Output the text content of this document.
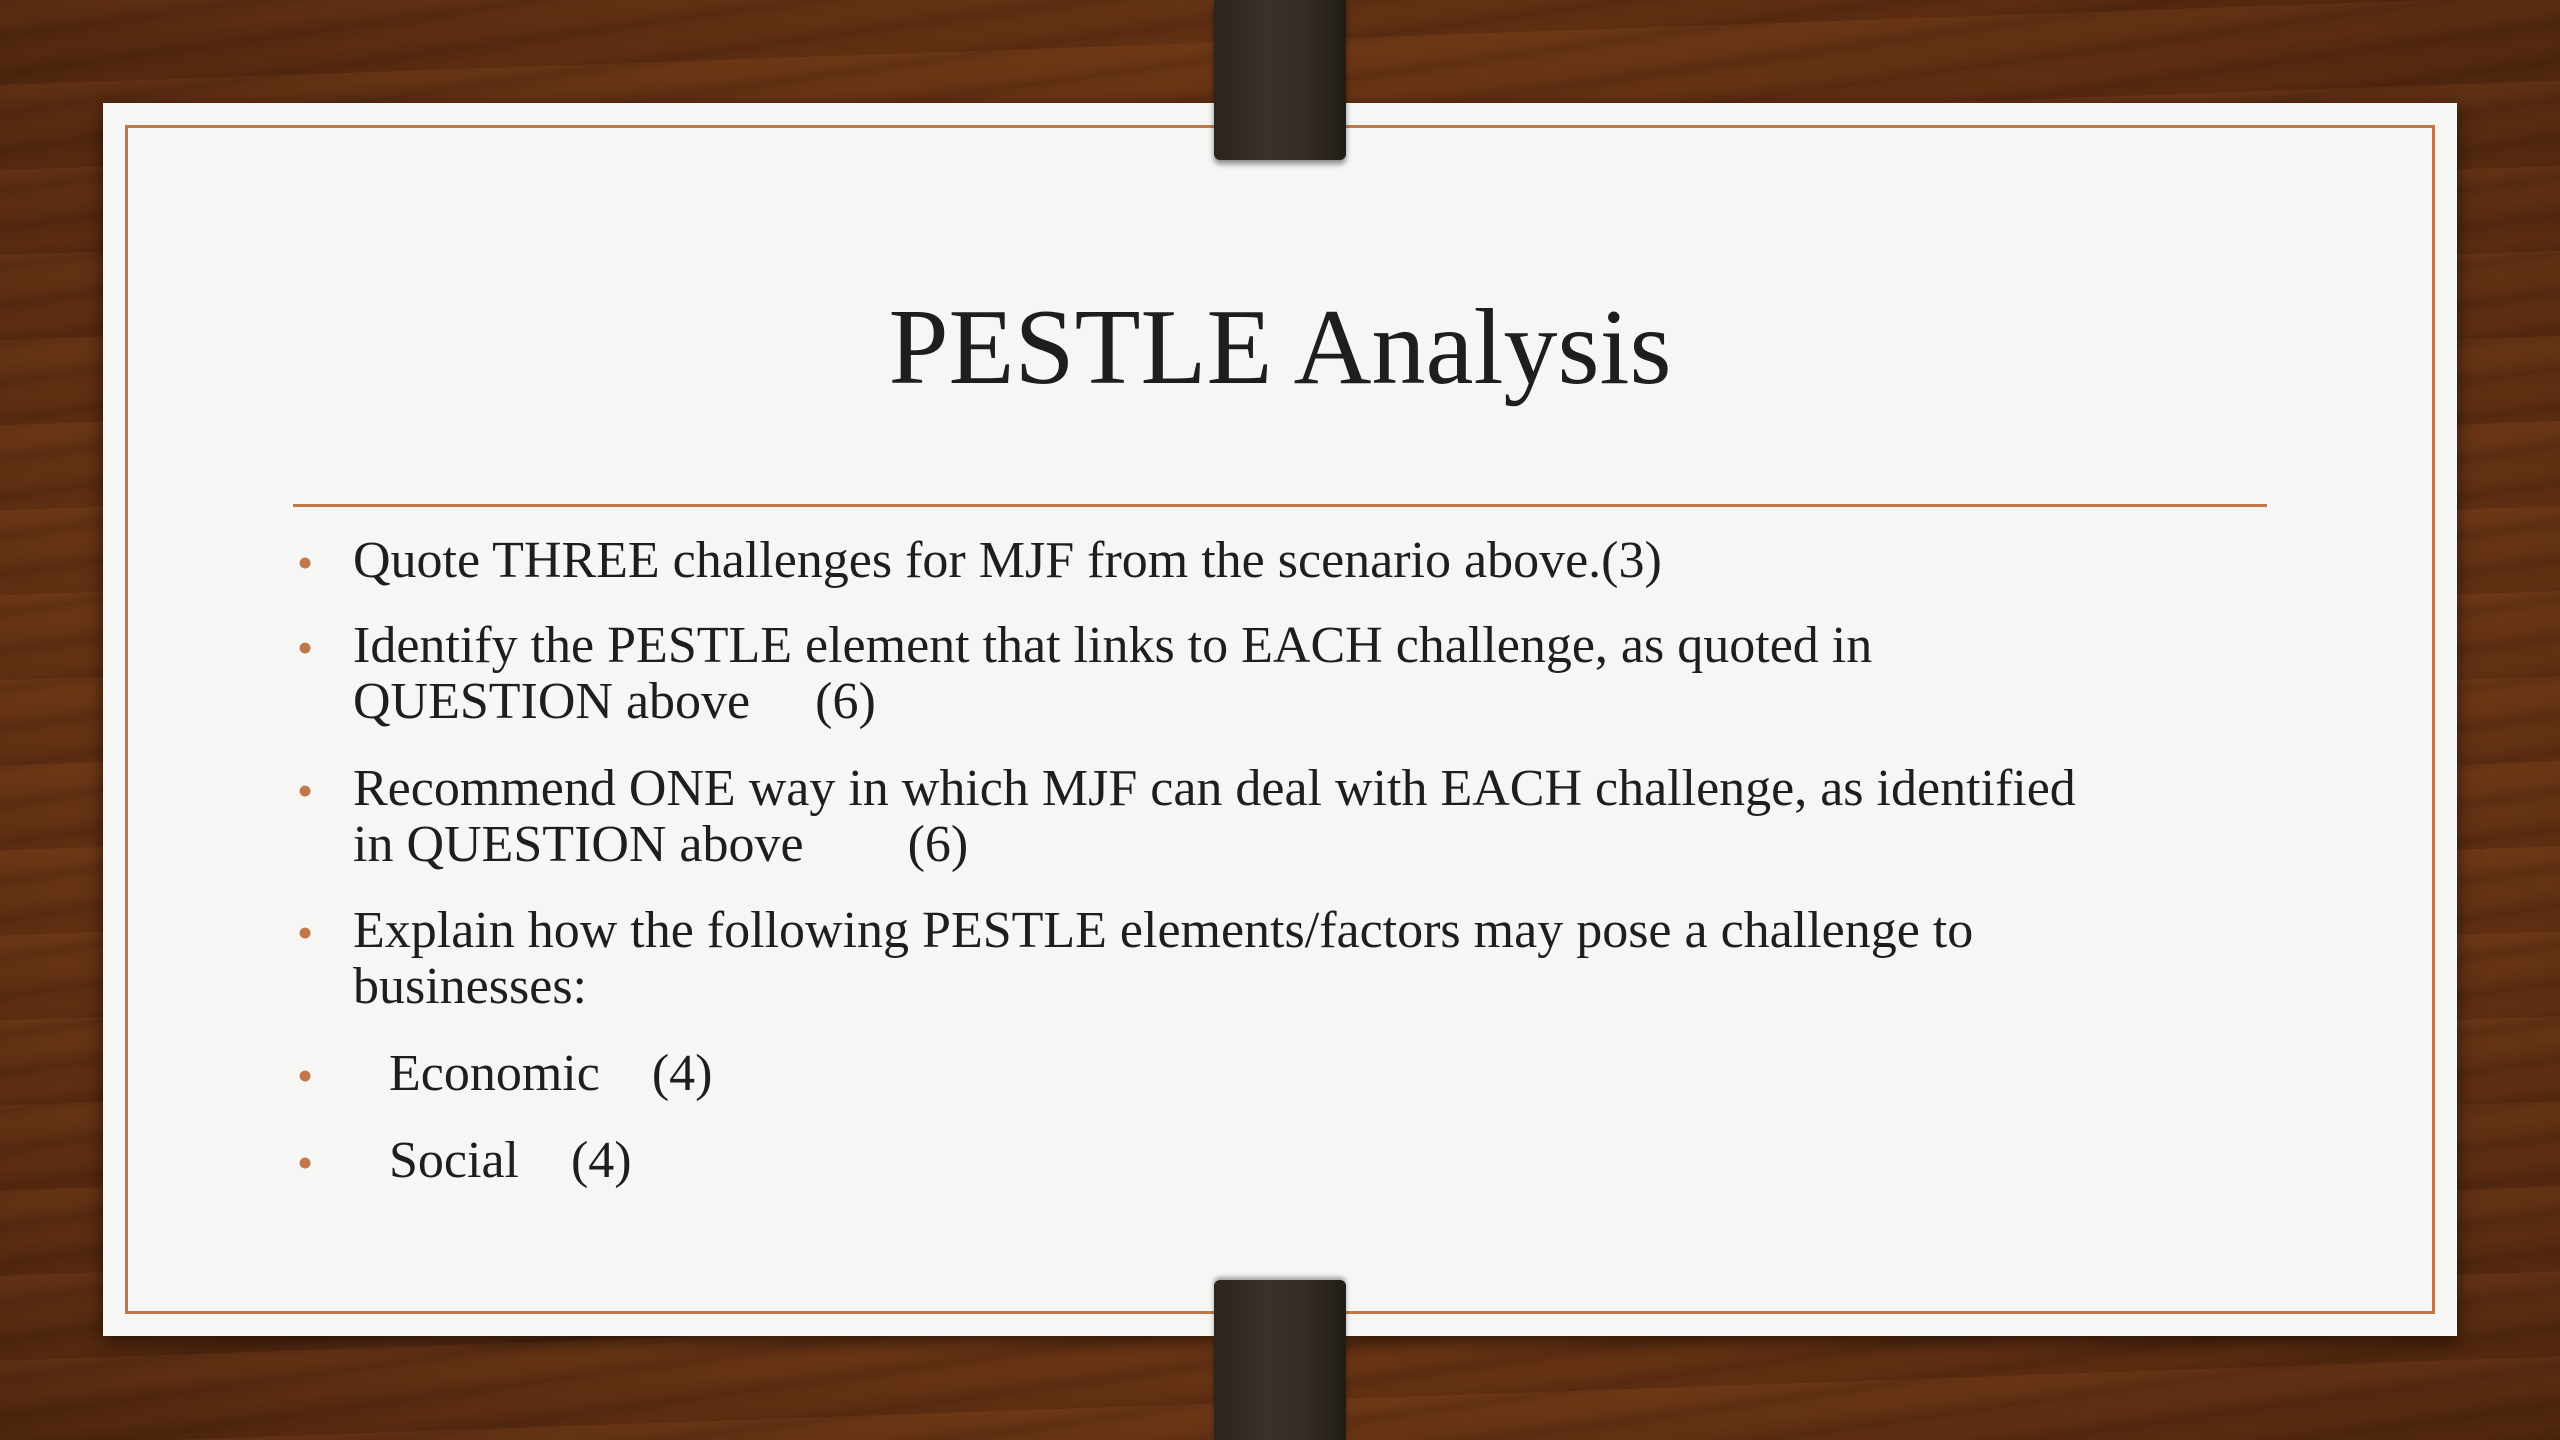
PESTLE Analysis
• Quote THREE challenges for MJF from the scenario above.(3)
• Identify the PESTLE element that links to EACH challenge, as quoted in
QUESTION above     (6)
• Recommend ONE way in which MJF can deal with EACH challenge, as identified
in QUESTION above        (6)
• Explain how the following PESTLE elements/factors may pose a challenge to
businesses:
•	Economic    (4)
•	Social    (4)
